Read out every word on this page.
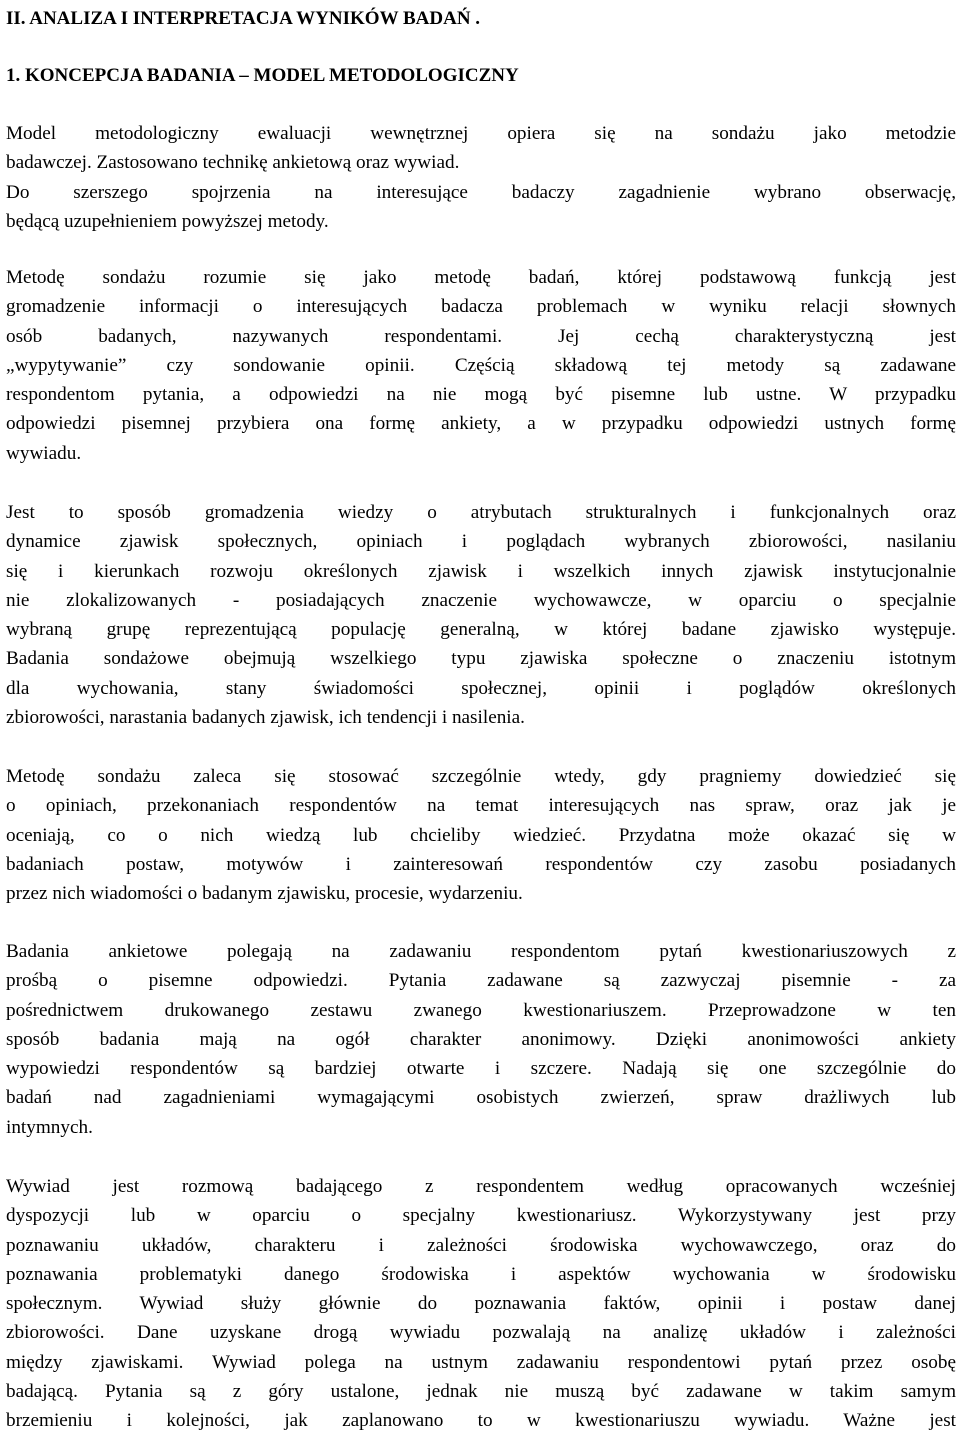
II. ANALIZA I INTERPRETACJA WYNIKÓW BADAŃ .
1. KONCEPCJA BADANIA – MODEL METODOLOGICZNY

Model metodologiczny ewaluacji wewnętrznej opiera się na sondażu jako metodzie
badawczej. Zastosowano technikę ankietową oraz wywiad.
Do szerszego spojrzenia na interesujące badaczy zagadnienie wybrano obserwację,
będącą uzupełnieniem powyższej metody.

Metodę sondażu rozumie się jako metodę badań, której podstawową funkcją jest
gromadzenie informacji o interesujących badacza problemach w wyniku relacji słownych
osób badanych, nazywanych respondentami. Jej cechą charakterystyczną jest
„wypytywanie” czy sondowanie opinii. Częścią składową tej metody są zadawane
respondentom pytania, a odpowiedzi na nie mogą być pisemne lub ustne. W przypadku
odpowiedzi pisemnej przybiera ona formę ankiety, a w przypadku odpowiedzi ustnych formę
wywiadu.

Jest to sposób gromadzenia wiedzy o atrybutach strukturalnych i funkcjonalnych oraz
dynamice zjawisk społecznych, opiniach i poglądach wybranych zbiorowości, nasilaniu
się i kierunkach rozwoju określonych zjawisk i wszelkich innych zjawisk instytucjonalnie
nie zlokalizowanych - posiadających znaczenie wychowawcze, w oparciu o specjalnie
wybraną grupę reprezentującą populację generalną, w której badane zjawisko występuje.
Badania sondażowe obejmują wszelkiego typu zjawiska społeczne o znaczeniu istotnym
dla wychowania, stany świadomości społecznej, opinii i poglądów określonych
zbiorowości, narastania badanych zjawisk, ich tendencji i nasilenia.

Metodę sondażu zaleca się stosować szczególnie wtedy, gdy pragniemy dowiedzieć się
o opiniach, przekonaniach respondentów na temat interesujących nas spraw, oraz jak je
oceniają, co o nich wiedzą lub chcieliby wiedzieć. Przydatna może okazać się w
badaniach postaw, motywów i zainteresowań respondentów czy zasobu posiadanych
przez nich wiadomości o badanym zjawisku, procesie, wydarzeniu.

Badania ankietowe polegają na zadawaniu respondentom pytań kwestionariuszowych z
prośbą o pisemne odpowiedzi. Pytania zadawane są zazwyczaj pisemnie - za
pośrednictwem drukowanego zestawu zwanego kwestionariuszem. Przeprowadzone w ten
sposób badania mają na ogół charakter anonimowy. Dzięki anonimowości ankiety
wypowiedzi respondentów są bardziej otwarte i szczere. Nadają się one szczególnie do
badań nad zagadnieniami wymagającymi osobistych zwierzeń, spraw drażliwych lub
intymnych.

Wywiad jest rozmową badającego z respondentem według opracowanych wcześniej
dyspozycji lub w oparciu o specjalny kwestionariusz. Wykorzystywany jest przy
poznawaniu układów, charakteru i zależności środowiska wychowawczego, oraz do
poznawania problematyki danego środowiska i aspektów wychowania w środowisku
społecznym. Wywiad służy głównie do poznawania faktów, opinii i postaw danej
zbiorowości. Dane uzyskane drogą wywiadu pozwalają na analizę układów i zależności
między zjawiskami. Wywiad polega na ustnym zadawaniu respondentowi pytań przez osobę
badającą. Pytania są z góry ustalone, jednak nie muszą być zadawane w takim samym
brzemieniu i kolejności, jak zaplanowano to w kwestionariuszu wywiadu. Ważne jest
